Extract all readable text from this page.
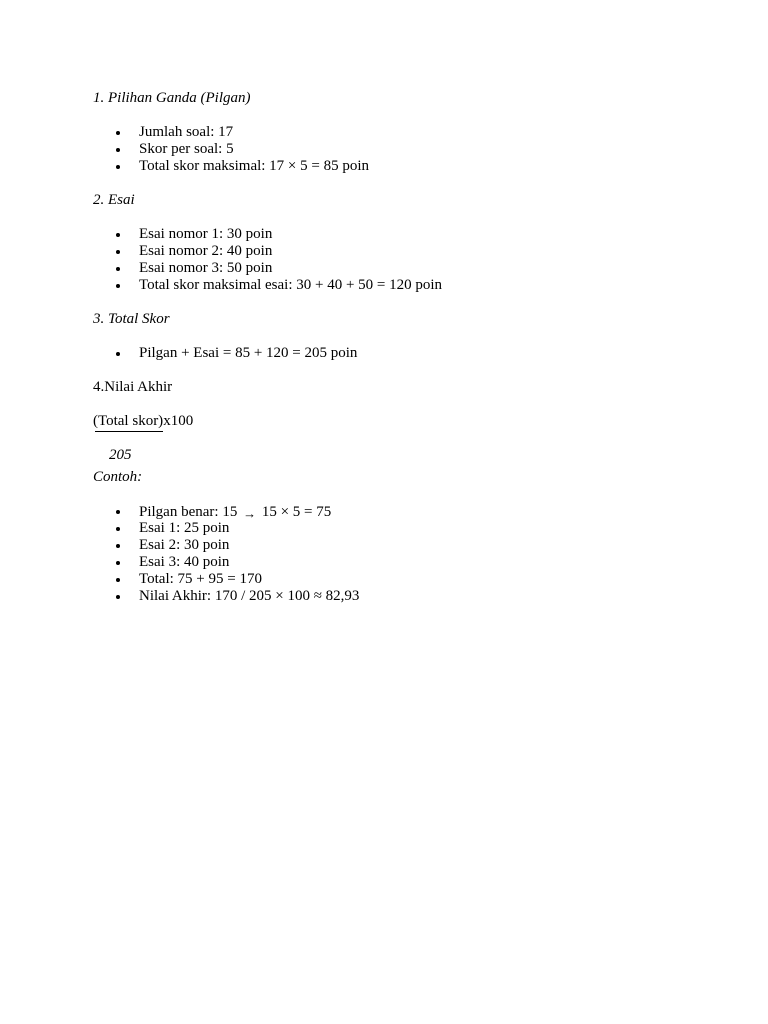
1. Pilihan Ganda (Pilgan)

Jumlah soal: 17
Skor per soal: 5
Total skor maksimal: 17 × 5 = 85 poin

2. Esai

Esai nomor 1: 30 poin
Esai nomor 2: 40 poin
Esai nomor 3: 50 poin
Total skor maksimal esai: 30 + 40 + 50 = 120 poin

3. Total Skor

Pilgan + Esai = 85 + 120 = 205 poin

4.Nilai Akhir

(Total skor)x100
205

Contoh:

Pilgan benar: 15 → 15 × 5 = 75
Esai 1: 25 poin
Esai 2: 30 poin
Esai 3: 40 poin
Total: 75 + 95 = 170
Nilai Akhir: 170 / 205 × 100 ≈ 82,93
